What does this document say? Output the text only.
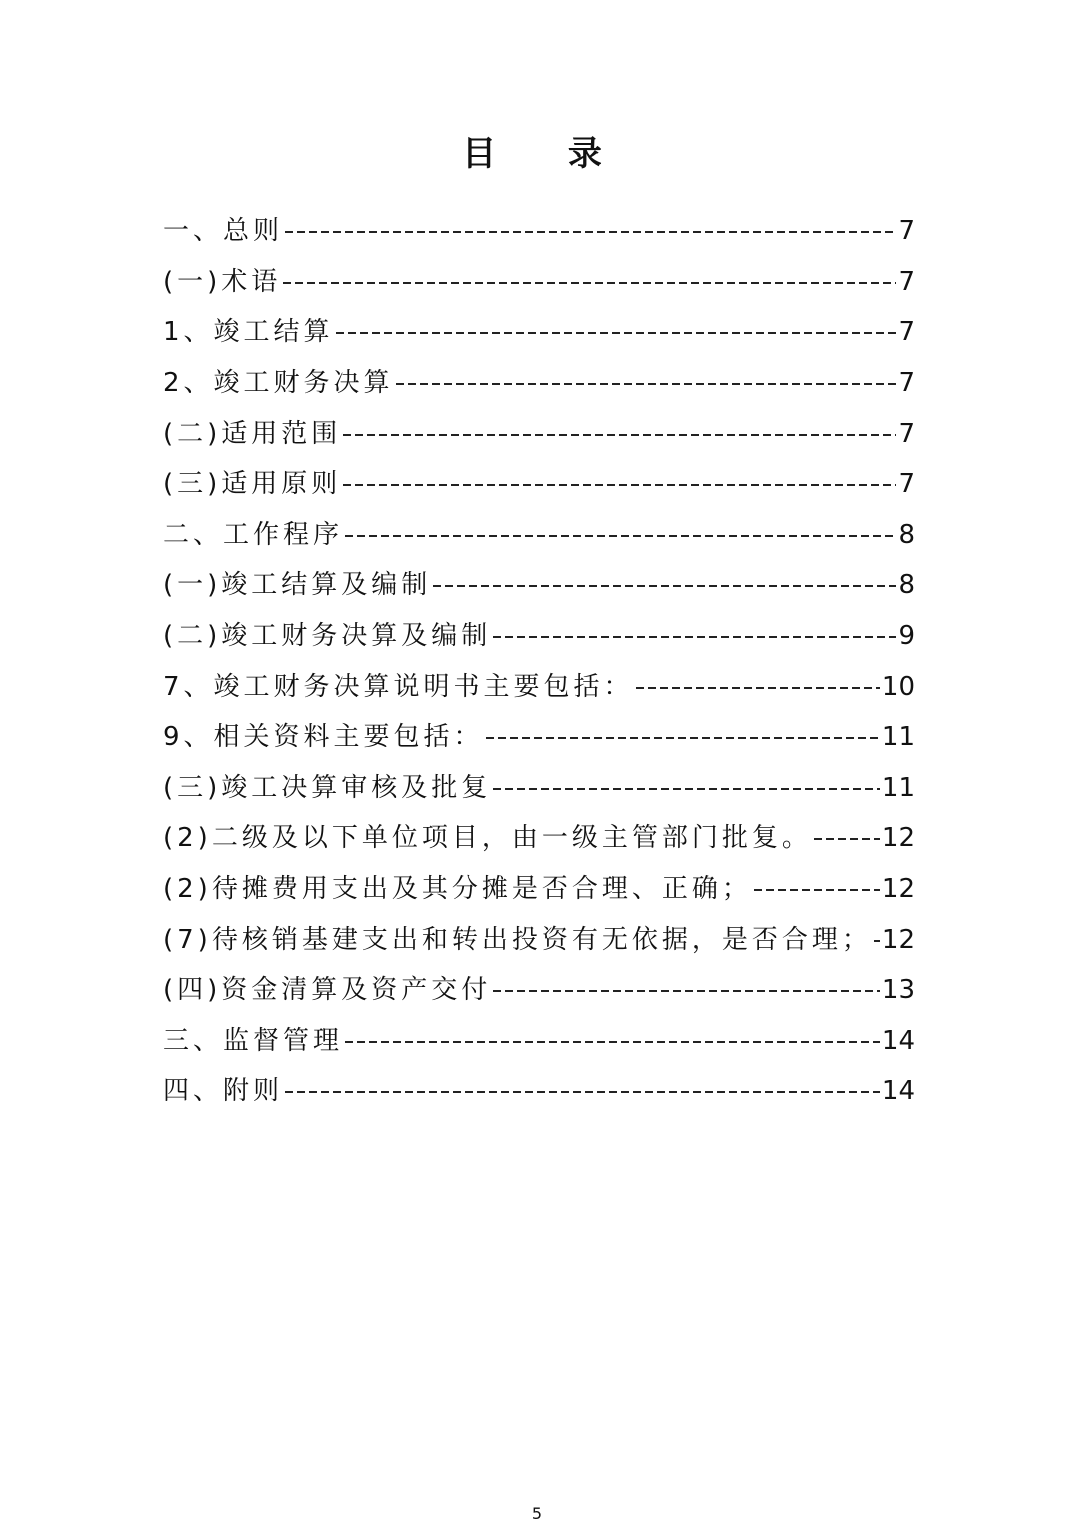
目 录
一、总则	7
(一)术语	7
1、竣工结算	7
2、竣工财务决算	7
(二)适用范围	7
(三)适用原则	7
二、工作程序	8
(一)竣工结算及编制	8
(二)竣工财务决算及编制	9
7、竣工财务决算说明书主要包括：	10
9、相关资料主要包括：	11
(三)竣工决算审核及批复	11
(2)二级及以下单位项目，由一级主管部门批复。	12
(2)待摊费用支出及其分摊是否合理、正确；	12
(7)待核销基建支出和转出投资有无依据，是否合理； 12
(四)资金清算及资产交付	13
三、监督管理	14
四、附则	14
5
